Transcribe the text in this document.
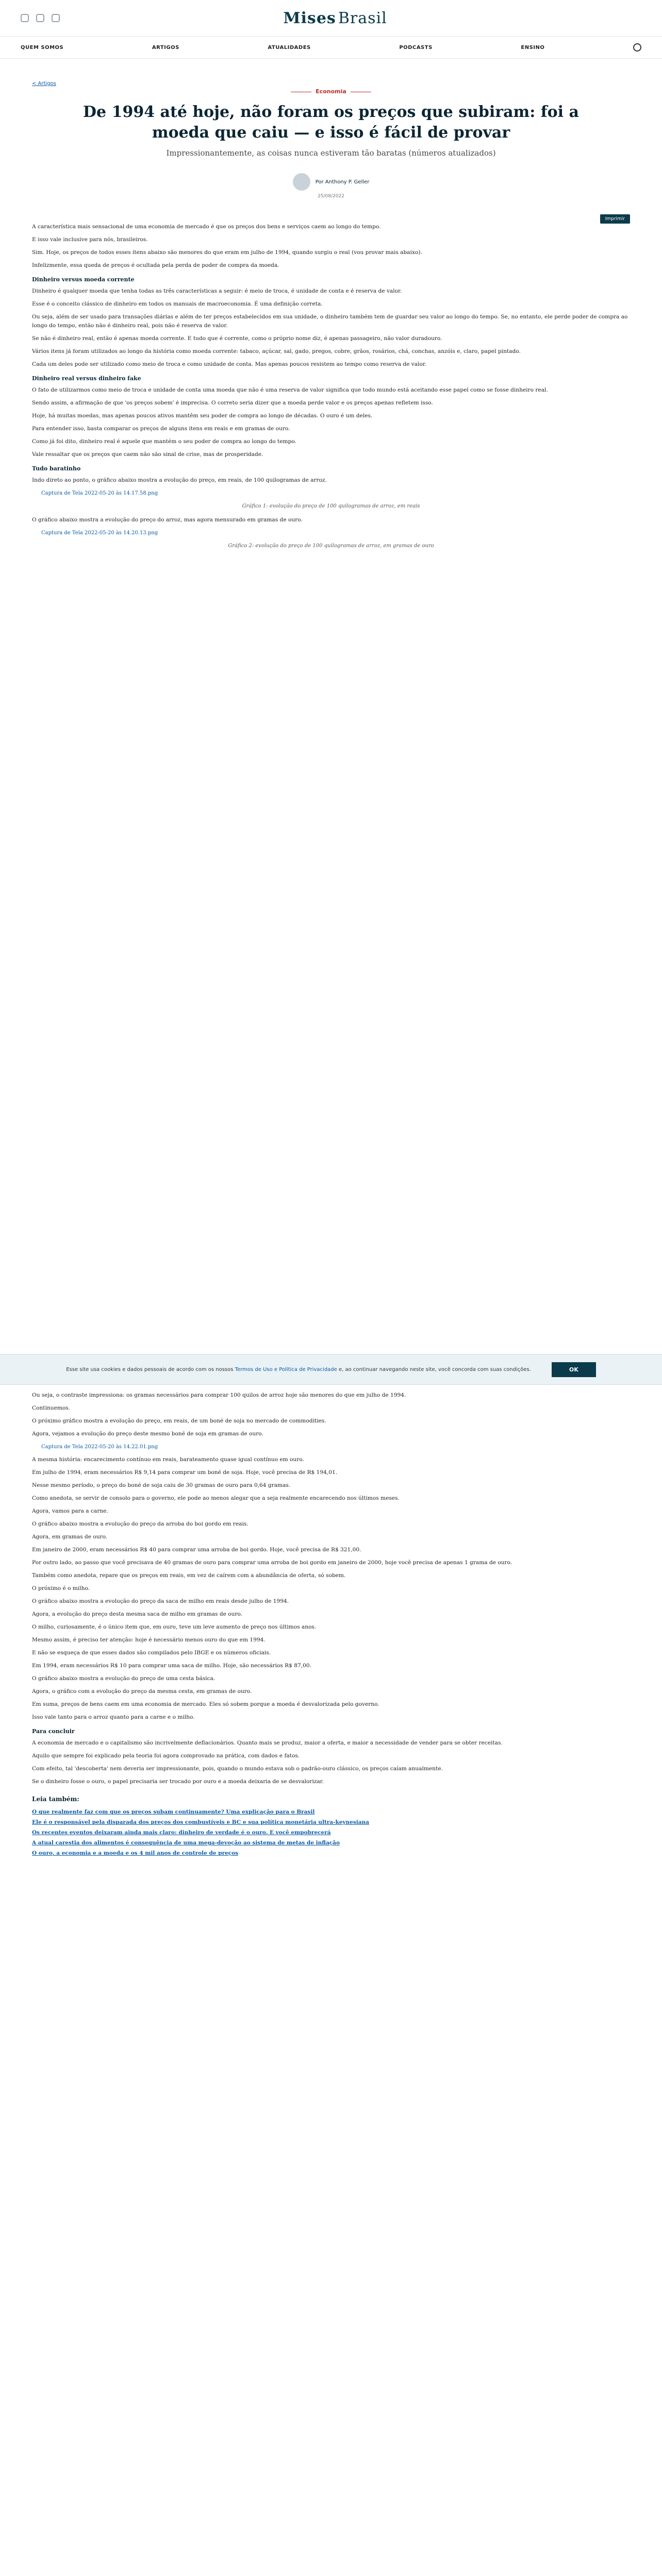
Mises Brasil
QUEM SOMOS	ARTIGOS	ATUALIDADES	PODCASTS	ENSINO
< Artigos
Economia
De 1994 até hoje, não foram os preços que subiram: foi a moeda que caiu — e isso é fácil de provar
Impressionantemente, as coisas nunca estiveram tão baratas (números atualizados)
Por Anthony P. Geller
25/08/2022

A característica mais sensacional de uma economia de mercado é que os preços dos bens e serviços caem ao longo do tempo.

E isso vale inclusive para nós, brasileiros.

Sim. Hoje, os preços de todos esses itens abaixo são menores do que eram em julho de 1994, quando surgiu o real (vou provar mais abaixo).

Infelizmente, essa queda de preços é ocultada pela perda de poder de compra da moeda.

Dinheiro versus moeda corrente

Dinheiro é qualquer moeda que tenha todas as três características a seguir: é meio de troca, é unidade de conta e é reserva de valor.

Esse é o conceito clássico de dinheiro em todos os manuais de macroeconomia. É uma definição correta.

Ou seja, além de ser usado para transações diárias e além de ter preços estabelecidos em sua unidade, o dinheiro também tem de guardar seu valor ao longo do tempo. Se, no entanto, ele perde poder de compra ao longo do tempo, então não é dinheiro real, pois não é reserva de valor.

Se não é dinheiro real, então é apenas moeda corrente. E tudo que é corrente, como o próprio nome diz, é apenas passageiro, não valor duradouro.

Vários itens já foram utilizados ao longo da história como moeda corrente: tabaco, açúcar, sal, gado, pregos, cobre, grãos, rosários, chá, conchas, anzóis e, claro, papel pintado.

Cada um deles pode ser utilizado como meio de troca e como unidade de conta. Mas apenas poucos resistem ao tempo como reserva de valor.

Dinheiro real versus dinheiro fake

O fato de utilizarmos como meio de troca e unidade de conta uma moeda que não é uma reserva de valor significa que todo mundo está aceitando esse papel como se fosse dinheiro real.

Sendo assim, a afirmação de que 'os preços sobem' é imprecisa. O correto seria dizer que a moeda perde valor e os preços apenas refletem isso.

Hoje, há muitas moedas, mas apenas poucos ativos mantêm seu poder de compra ao longo de décadas. O ouro é um deles.

Para entender isso, basta comparar os preços de alguns itens em reais e em gramas de ouro.

Como já foi dito, dinheiro real é aquele que mantém o seu poder de compra ao longo do tempo.

Vale ressaltar que os preços que caem não são sinal de crise, mas de prosperidade.

Tudo baratinho

Indo direto ao ponto, o gráfico abaixo mostra a evolução do preço, em reais, de 100 quilogramas de arroz.

Captura de Tela 2022-05-20 às 14.17.58.png
Gráfico 1: evolução do preço de 100 quilogramas de arroz, em reais

O gráfico abaixo mostra a evolução do preço do arroz, mas agora mensurado em gramas de ouro.

Captura de Tela 2022-05-20 às 14.20.13.png
Gráfico 2: evolução do preço de 100 quilogramas de arroz, em gramas de ouro
Esse site usa cookies e dados pessoais de acordo com os nossos Termos de Uso e Política de Privacidade e, ao continuar navegando neste site, você concorda com suas condições.	OK

Ou seja, o contraste impressiona: os gramas necessários para comprar 100 quilos de arroz hoje são menores do que em julho de 1994.

Continuemos.

O próximo gráfico mostra a evolução do preço, em reais, de um boné de soja no mercado de commodities.

Agora, vejamos a evolução do preço deste mesmo boné de soja em gramas de ouro.

Captura de Tela 2022-05-20 às 14.22.01.png

A mesma história: encarecimento contínuo em reais, barateamento quase igual contínuo em ouro.

Em julho de 1994, eram necessários R$ 9,14 para comprar um boné de soja. Hoje, você precisa de R$ 194,01.

Nesse mesmo período, o preço do boné de soja caiu de 30 gramas de ouro para 0,64 gramas.

Como anedota, se servir de consolo para o governo, ele pode ao menos alegar que a seja realmente encarecendo nos últimos meses.

Agora, vamos para a carne.

O gráfico abaixo mostra a evolução do preço da arroba do boi gordo em reais.

Agora, em gramas de ouro.

Em janeiro de 2000, eram necessários R$ 40 para comprar uma arroba de boi gordo. Hoje, você precisa de R$ 321,00.

Por outro lado, ao passo que você precisava de 40 gramas de ouro para comprar uma arroba de boi gordo em janeiro de 2000, hoje você precisa de apenas 1 grama de ouro.

Também como anedota, repare que os preços em reais, em vez de caírem com a abundância de oferta, só sobem.

O próximo é o milho.

O gráfico abaixo mostra a evolução do preço da saca de milho em reais desde julho de 1994.

Agora, a evolução do preço desta mesma saca de milho em gramas de ouro.

O milho, curiosamente, é o único item que, em ouro, teve um leve aumento de preço nos últimos anos.

Mesmo assim, é preciso ter atenção: hoje é necessário menos ouro do que em 1994.

E não se esqueça de que esses dados são compilados pelo IBGE e os números oficiais.

Em 1994, eram necessários R$ 10 para comprar uma saca de milho. Hoje, são necessários R$ 87,00.

O gráfico abaixo mostra a evolução do preço de uma cesta básica.

Agora, o gráfico com a evolução do preço da mesma cesta, em gramas de ouro.

Em suma, preços de bens caem em uma economia de mercado. Eles só sobem porque a moeda é desvalorizada pelo governo.

Isso vale tanto para o arroz quanto para a carne e o milho.

Para concluir

A economia de mercado e o capitalismo são incrivelmente deflacionários. Quanto mais se produz, maior a oferta, e maior a necessidade de vender para se obter receitas.

Aquilo que sempre foi explicado pela teoria foi agora comprovado na prática, com dados e fatos.

Com efeito, tal 'descoberta' nem deveria ser impressionante, pois, quando o mundo estava sob o padrão-ouro clássico, os preços caíam anualmente.

Se o dinheiro fosse o ouro, o papel precisaria ser trocado por ouro e a moeda deixaria de se desvalorizar.

Leia também:
O que realmente faz com que os preços subam continuamente? Uma explicação para o Brasil
Ele é o responsável pela disparada dos preços dos combustíveis e BC e sua política monetária ultra-keynesiana
Os recentes eventos deixaram ainda mais claro: dinheiro de verdade é o ouro. E você empobrecerá
A atual carestia dos alimentos é consequência de uma mega-devoção ao sistema de metas de inflação
O ouro, a economia e a moeda e os 4 mil anos de controle de preços
Imprimir
